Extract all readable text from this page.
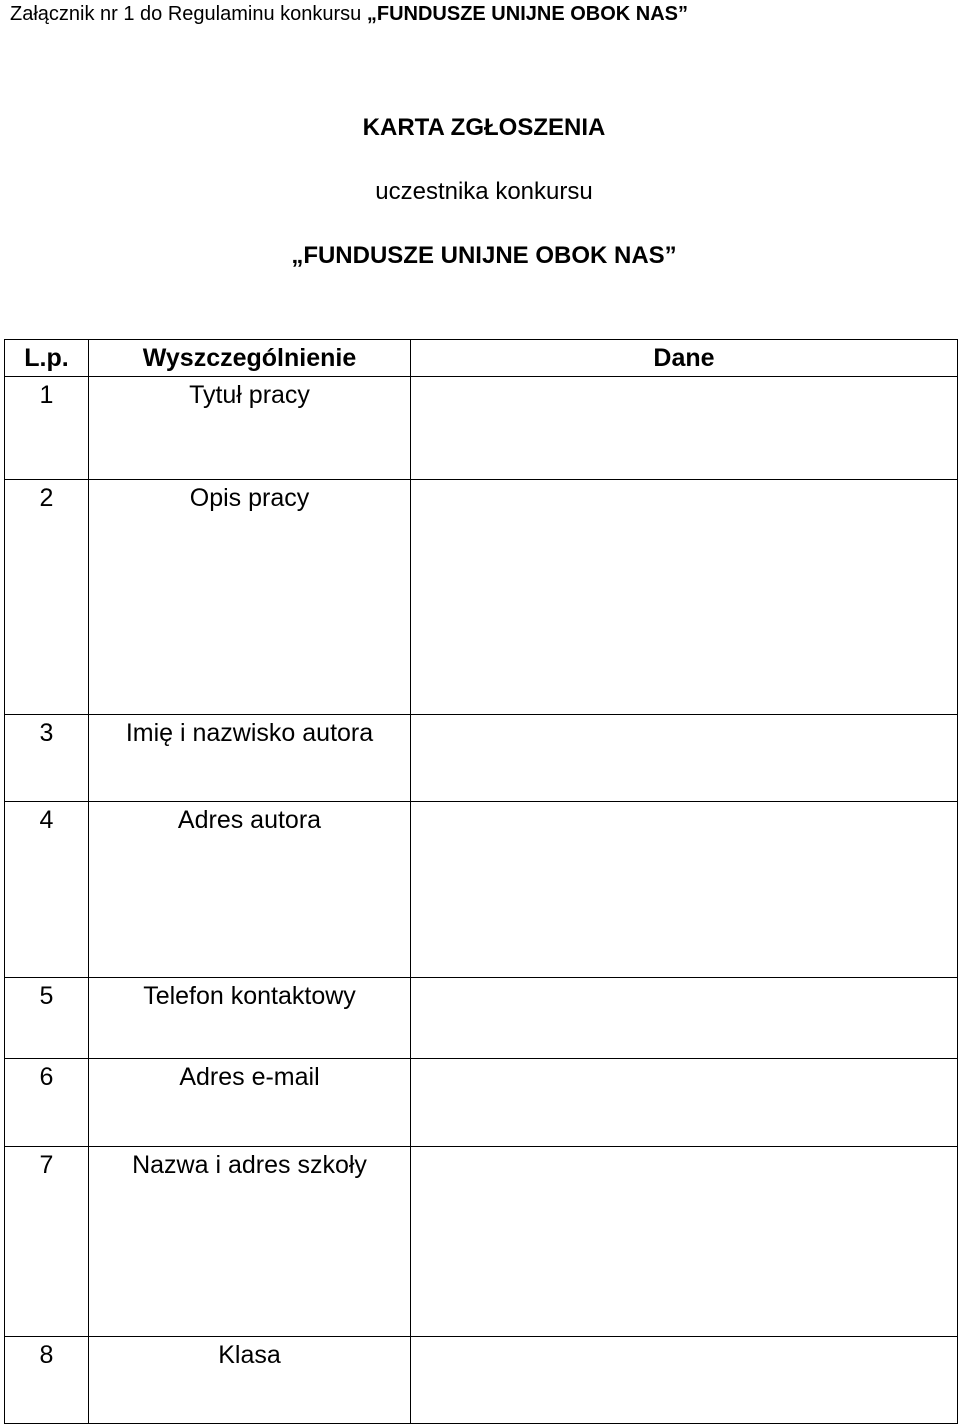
Załącznik nr 1 do Regulaminu konkursu „FUNDUSZE UNIJNE OBOK NAS”
KARTA ZGŁOSZENIA
uczestnika konkursu
„FUNDUSZE UNIJNE OBOK NAS”
L.p.	Wyszczególnienie	Dane
1	Tytuł pracy	
2	Opis pracy	
3	Imię i nazwisko autora	
4	Adres autora	
5	Telefon kontaktowy	
6	Adres e-mail	
7	Nazwa i adres szkoły	
8	Klasa	
